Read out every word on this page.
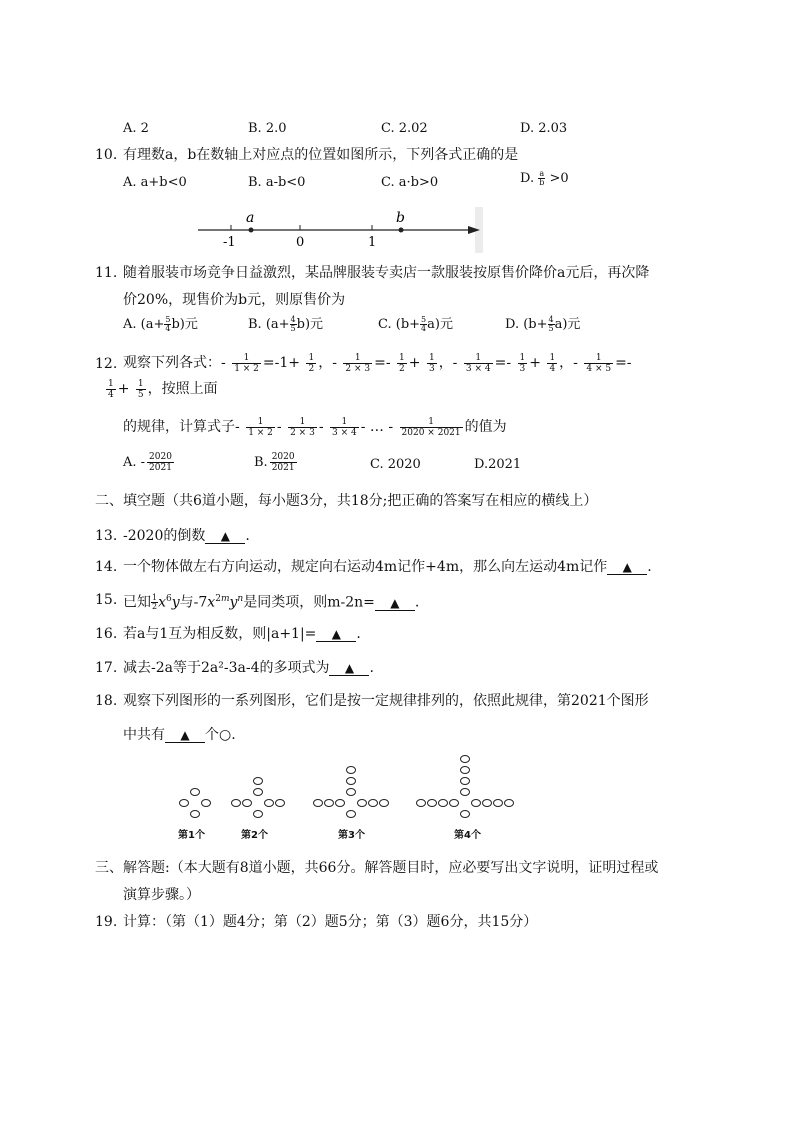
A. 2	B. 2.0	C. 2.02	D. 2.03
10. 有理数a，b在数轴上对应点的位置如图所示，下列各式正确的是
A. a+b<0	B. a-b<0	C. a·b>0	D. $\frac{a}{b} >0$
a	b
-1	0	1
11. 随着服装市场竞争日益激烈，某品牌服装专卖店一款服装按原售价降价a元后，再次降
价20%，现售价为b元，则原售价为
A. $(a+ \frac{5}{4} b)$元	B. $(a+ \frac{4}{5} b)$元	C. $(b+ \frac{5}{4} a)$元	D. $(b+ \frac{4}{5} a)$元
12. 观察下列各式：- $\frac{1}{1 \times 2} =-1+ \frac{1}{2}$ ，- $\frac{1}{2 \times 3} =- \frac{1}{2} + \frac{1}{3}$ ，- $\frac{1}{3 \times 4} =- \frac{1}{3} + \frac{1}{4}$ ，- $\frac{1}{4 \times 5}$ =-
$\frac{1}{4} + \frac{1}{5}$ ，按照上面
的规律，计算式子- $\frac{1}{1 \times 2} - \frac{1}{2 \times 3} - \frac{1}{3 \times 4}$ - … - $\frac{1}{2020 \times 2021}$ 的值为
A. - $\frac{2020}{2021}$	B. $\frac{2020}{2021}$	C. 2020	D.2021
二、填空题（共6道小题，每小题3分，共18分;把正确的答案写在相应的横线上）
13. -2020的倒数 ▲ .
14. 一个物体做左右方向运动，规定向右运动4m记作+4m，那么向左运动4m记作 ▲ .
15. 已知 $\frac{1}{2} x^6y$与$-7x^{2m}y^n$是同类项，则m-2n= ▲ .
16. 若a与1互为相反数，则|a+1|= ▲ .
17. 减去-2a等于2a²-3a-4的多项式为 ▲ .
18. 观察下列图形的一系列图形，它们是按一定规律排列的，依照此规律，第2021个图形
中共有 ▲ 个○.
第1个	第2个	第3个	第4个
三、解答题:（本大题有8道小题，共66分。解答题目时，应必要写出文字说明，证明过程或
演算步骤。）
19. 计算：（第（1）题4分；第（2）题5分；第（3）题6分，共15分）
